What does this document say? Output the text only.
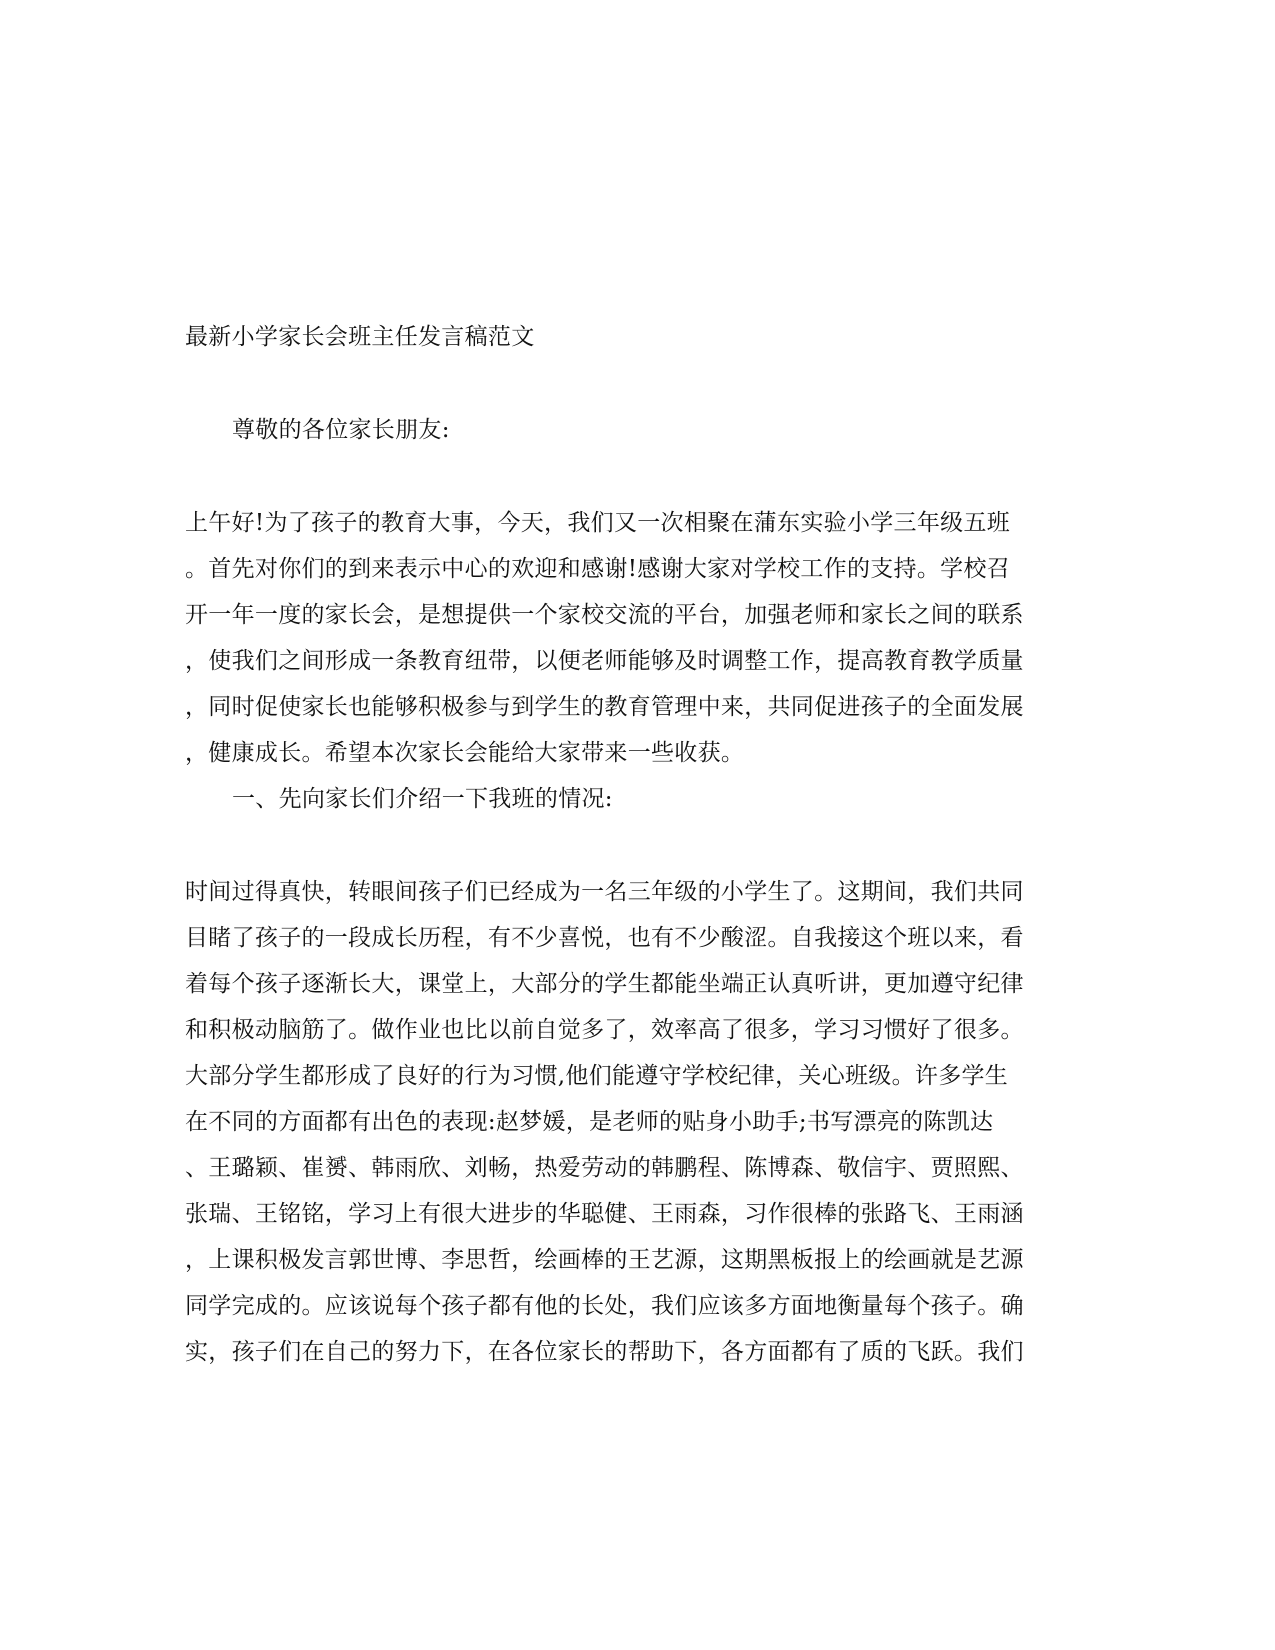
最新小学家长会班主任发言稿范文

尊敬的各位家长朋友:

上午好!为了孩子的教育大事，今天，我们又一次相聚在蒲东实验小学三年级五班

。首先对你们的到来表示中心的欢迎和感谢!感谢大家对学校工作的支持。学校召

开一年一度的家长会，是想提供一个家校交流的平台，加强老师和家长之间的联系

，使我们之间形成一条教育纽带，以便老师能够及时调整工作，提高教育教学质量

，同时促使家长也能够积极参与到学生的教育管理中来，共同促进孩子的全面发展

，健康成长。希望本次家长会能给大家带来一些收获。

一、先向家长们介绍一下我班的情况:

时间过得真快，转眼间孩子们已经成为一名三年级的小学生了。这期间，我们共同

目睹了孩子的一段成长历程，有不少喜悦，也有不少酸涩。自我接这个班以来，看

着每个孩子逐渐长大，课堂上，大部分的学生都能坐端正认真听讲，更加遵守纪律

和积极动脑筋了。做作业也比以前自觉多了，效率高了很多，学习习惯好了很多。

大部分学生都形成了良好的行为习惯,他们能遵守学校纪律，关心班级。许多学生

在不同的方面都有出色的表现:赵梦媛，是老师的贴身小助手;书写漂亮的陈凯达

、王璐颖、崔赟、韩雨欣、刘畅，热爱劳动的韩鹏程、陈博森、敬信宇、贾照熙、

张瑞、王铭铭，学习上有很大进步的华聪健、王雨森，习作很棒的张路飞、王雨涵

，上课积极发言郭世博、李思哲，绘画棒的王艺源，这期黑板报上的绘画就是艺源

同学完成的。应该说每个孩子都有他的长处，我们应该多方面地衡量每个孩子。确

实，孩子们在自己的努力下，在各位家长的帮助下，各方面都有了质的飞跃。我们
